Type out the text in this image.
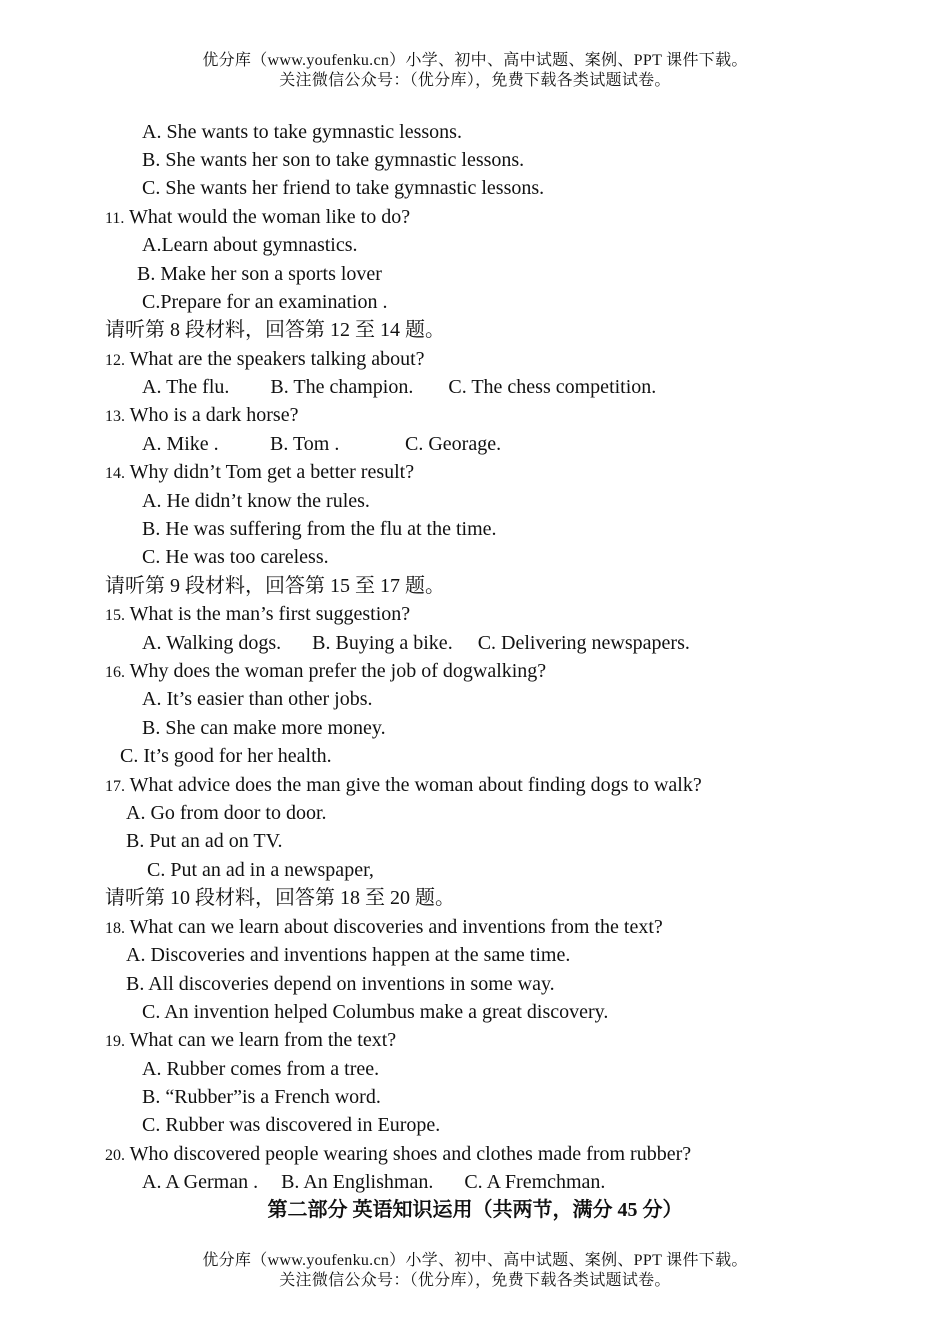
优分库（www.youfenku.cn）小学、初中、高中试题、案例、PPT 课件下载。
关注微信公众号：（优分库），免费下载各类试题试卷。
A. She wants to take gymnastic lessons.
B. She wants her son to take gymnastic lessons.
C. She wants her friend to take gymnastic lessons.
11. What would the woman like to do?
A.Learn about gymnastics.
B. Make her son a sports lover
C.Prepare for an examination .
请听第 8 段材料，回答第 12 至 14 题。
12. What are the speakers talking about?
A. The flu. B. The champion. C. The chess competition.
13. Who is a dark horse?
A. Mike .	B. Tom .	C. Georage.
14. Why didn’t Tom get a better result?
A. He didn’t know the rules.
B. He was suffering from the flu at the time.
C. He was too careless.
请听第 9 段材料，回答第 15 至 17 题。
15. What is the man’s first suggestion?
A. Walking dogs. B. Buying a bike. C. Delivering newspapers.
16. Why does the woman prefer the job of dogwalking?
A. It’s easier than other jobs.
B. She can make more money.
C. It’s good for her health.
17. What advice does the man give the woman about finding dogs to walk?
A. Go from door to door.
B. Put an ad on TV.
C. Put an ad in a newspaper,
请听第 10 段材料，回答第 18 至 20 题。
18. What can we learn about discoveries and inventions from the text?
A. Discoveries and inventions happen at the same time.
B. All discoveries depend on inventions in some way.
C. An invention helped Columbus make a great discovery.
19. What can we learn from the text?
A. Rubber comes from a tree.
B. “Rubber”is a French word.
C. Rubber was discovered in Europe.
20. Who discovered people wearing shoes and clothes made from rubber?
A. A German . B. An Englishman. C. A Fremchman.
第二部分 英语知识运用（共两节，满分 45 分）
优分库（www.youfenku.cn）小学、初中、高中试题、案例、PPT 课件下载。
关注微信公众号：（优分库），免费下载各类试题试卷。
